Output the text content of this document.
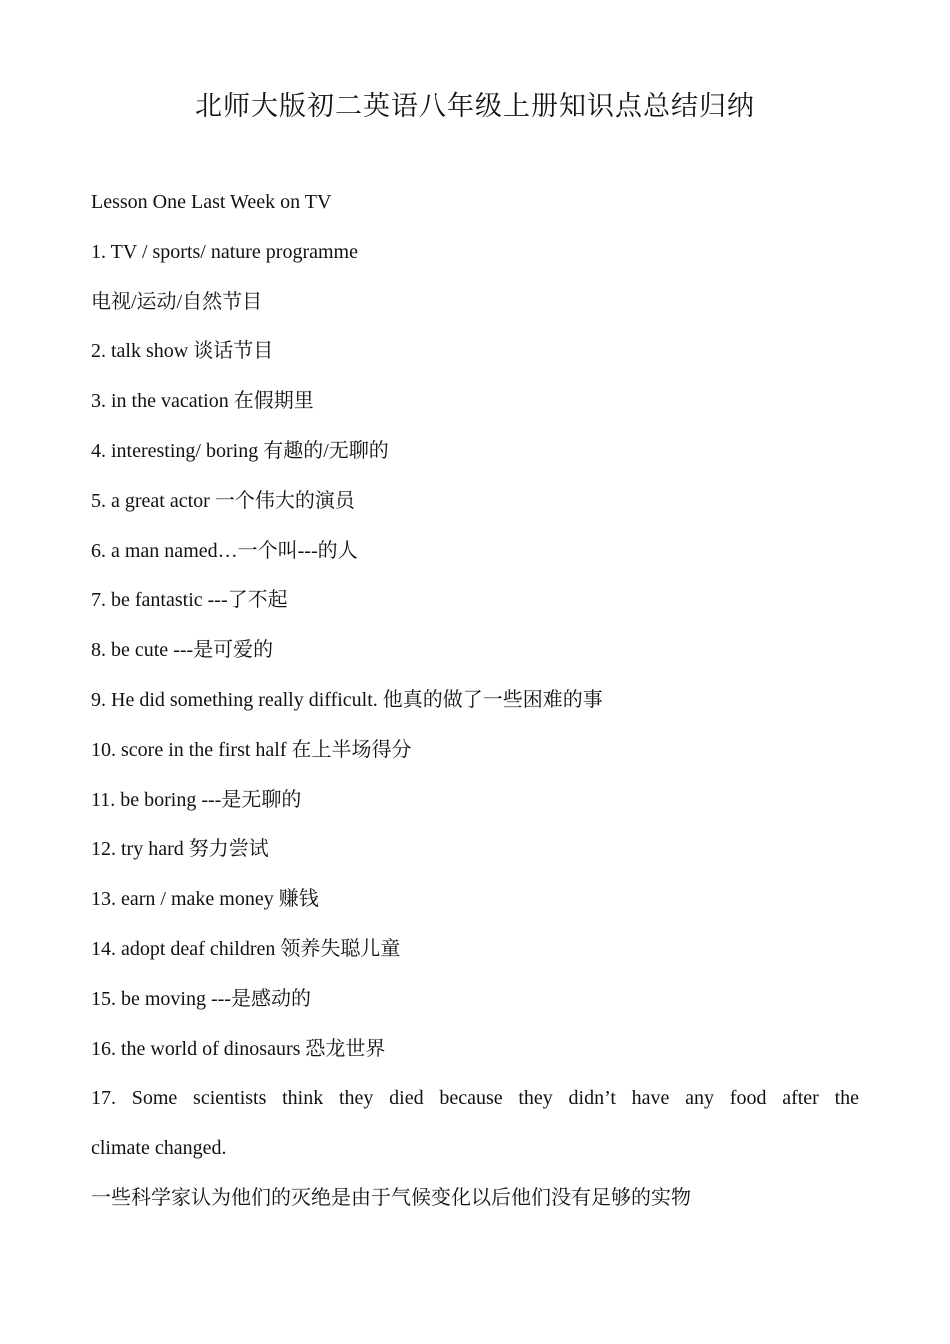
北师大版初二英语八年级上册知识点总结归纳
Lesson One Last Week on TV
1. TV / sports/ nature programme
电视/运动/自然节目
2. talk show 谈话节目
3. in the vacation 在假期里
4. interesting/ boring 有趣的/无聊的
5. a great actor 一个伟大的演员
6. a man named…一个叫---的人
7. be fantastic ---了不起
8. be cute ---是可爱的
9. He did something really difficult. 他真的做了一些困难的事
10. score in the first half 在上半场得分
11. be boring ---是无聊的
12. try hard 努力尝试
13. earn / make money 赚钱
14. adopt deaf children 领养失聪儿童
15. be moving ---是感动的
16. the world of dinosaurs 恐龙世界
17. Some scientists think they died because they didn’t have any food after the
climate changed.
一些科学家认为他们的灭绝是由于气候变化以后他们没有足够的实物
